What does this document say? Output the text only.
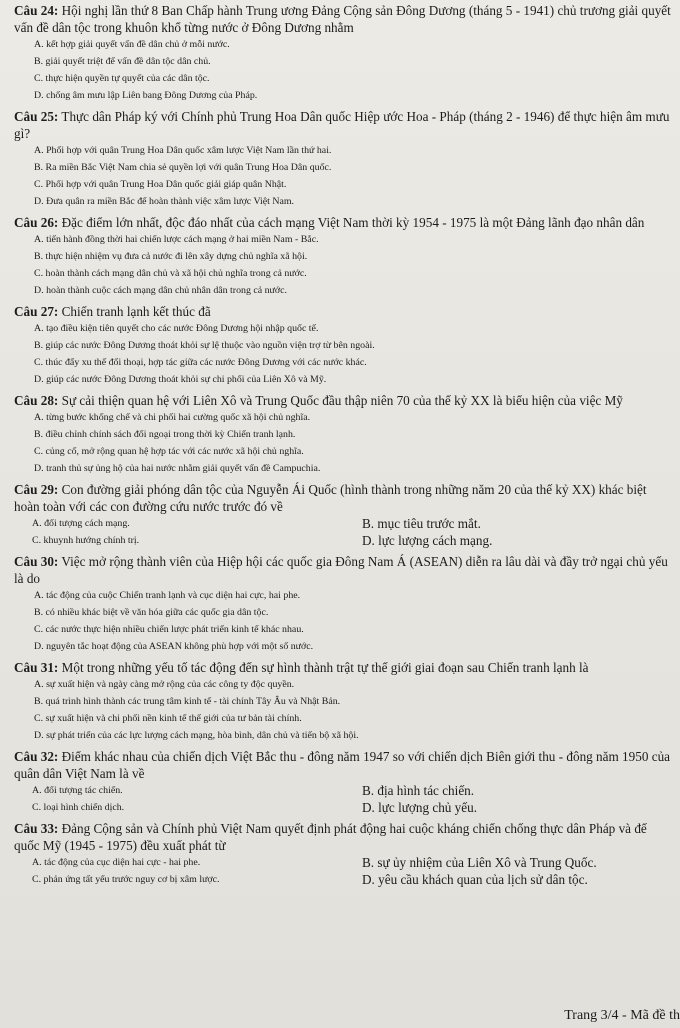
Câu 24: Hội nghị lần thứ 8 Ban Chấp hành Trung ương Đảng Cộng sản Đông Dương (tháng 5 - 1941) chủ trương giải quyết vấn đề dân tộc trong khuôn khổ từng nước ở Đông Dương nhằm

A. kết hợp giải quyết vấn đề dân chủ ở mỗi nước.

B. giải quyết triệt để vấn đề dân tộc dân chủ.

C. thực hiện quyền tự quyết của các dân tộc.

D. chống âm mưu lập Liên bang Đông Dương của Pháp.

Câu 25: Thực dân Pháp ký với Chính phủ Trung Hoa Dân quốc Hiệp ước Hoa - Pháp (tháng 2 - 1946) để thực hiện âm mưu gì?

A. Phối hợp với quân Trung Hoa Dân quốc xâm lược Việt Nam lần thứ hai.

B. Ra miền Bắc Việt Nam chia sẻ quyền lợi với quân Trung Hoa Dân quốc.

C. Phối hợp với quân Trung Hoa Dân quốc giải giáp quân Nhật.

D. Đưa quân ra miền Bắc để hoàn thành việc xâm lược Việt Nam.

Câu 26: Đặc điểm lớn nhất, độc đáo nhất của cách mạng Việt Nam thời kỳ 1954 - 1975 là một Đảng lãnh đạo nhân dân

A. tiến hành đồng thời hai chiến lược cách mạng ở hai miền Nam - Bắc.

B. thực hiện nhiệm vụ đưa cả nước đi lên xây dựng chủ nghĩa xã hội.

C. hoàn thành cách mạng dân chủ và xã hội chủ nghĩa trong cả nước.

D. hoàn thành cuộc cách mạng dân chủ nhân dân trong cả nước.

Câu 27: Chiến tranh lạnh kết thúc đã

A. tạo điều kiện tiên quyết cho các nước Đông Dương hội nhập quốc tế.

B. giúp các nước Đông Dương thoát khỏi sự lệ thuộc vào nguồn viện trợ từ bên ngoài.

C. thúc đẩy xu thế đối thoại, hợp tác giữa các nước Đông Dương với các nước khác.

D. giúp các nước Đông Dương thoát khỏi sự chi phối của Liên Xô và Mỹ.

Câu 28: Sự cải thiện quan hệ với Liên Xô và Trung Quốc đầu thập niên 70 của thế kỷ XX là biểu hiện của việc Mỹ

A. từng bước khống chế và chi phối hai cường quốc xã hội chủ nghĩa.

B. điều chỉnh chính sách đối ngoại trong thời kỳ Chiến tranh lạnh.

C. củng cố, mở rộng quan hệ hợp tác với các nước xã hội chủ nghĩa.

D. tranh thủ sự ủng hộ của hai nước nhằm giải quyết vấn đề Campuchia.

Câu 29: Con đường giải phóng dân tộc của Nguyễn Ái Quốc (hình thành trong những năm 20 của thế kỷ XX) khác biệt hoàn toàn với các con đường cứu nước trước đó về

A. đối tượng cách mạng.	B. mục tiêu trước mắt.

C. khuynh hướng chính trị.	D. lực lượng cách mạng.

Câu 30: Việc mở rộng thành viên của Hiệp hội các quốc gia Đông Nam Á (ASEAN) diễn ra lâu dài và đầy trở ngại chủ yếu là do

A. tác động của cuộc Chiến tranh lạnh và cục diện hai cực, hai phe.

B. có nhiều khác biệt về văn hóa giữa các quốc gia dân tộc.

C. các nước thực hiện nhiều chiến lược phát triển kinh tế khác nhau.

D. nguyên tắc hoạt động của ASEAN không phù hợp với một số nước.

Câu 31: Một trong những yếu tố tác động đến sự hình thành trật tự thế giới giai đoạn sau Chiến tranh lạnh là

A. sự xuất hiện và ngày càng mở rộng của các công ty độc quyền.

B. quá trình hình thành các trung tâm kinh tế - tài chính Tây Âu và Nhật Bản.

C. sự xuất hiện và chi phối nền kinh tế thế giới của tư bản tài chính.

D. sự phát triển của các lực lượng cách mạng, hòa bình, dân chủ và tiến bộ xã hội.

Câu 32: Điểm khác nhau của chiến dịch Việt Bắc thu - đông năm 1947 so với chiến dịch Biên giới thu - đông năm 1950 của quân dân Việt Nam là về

A. đối tượng tác chiến.	B. địa hình tác chiến.

C. loại hình chiến dịch.	D. lực lượng chủ yếu.

Câu 33: Đảng Cộng sản và Chính phủ Việt Nam quyết định phát động hai cuộc kháng chiến chống thực dân Pháp và đế quốc Mỹ (1945 - 1975) đều xuất phát từ

A. tác động của cục diện hai cực - hai phe.	B. sự ủy nhiệm của Liên Xô và Trung Quốc.

C. phản ứng tất yếu trước nguy cơ bị xâm lược.	D. yêu cầu khách quan của lịch sử dân tộc.

Trang 3/4 - Mã đề th
